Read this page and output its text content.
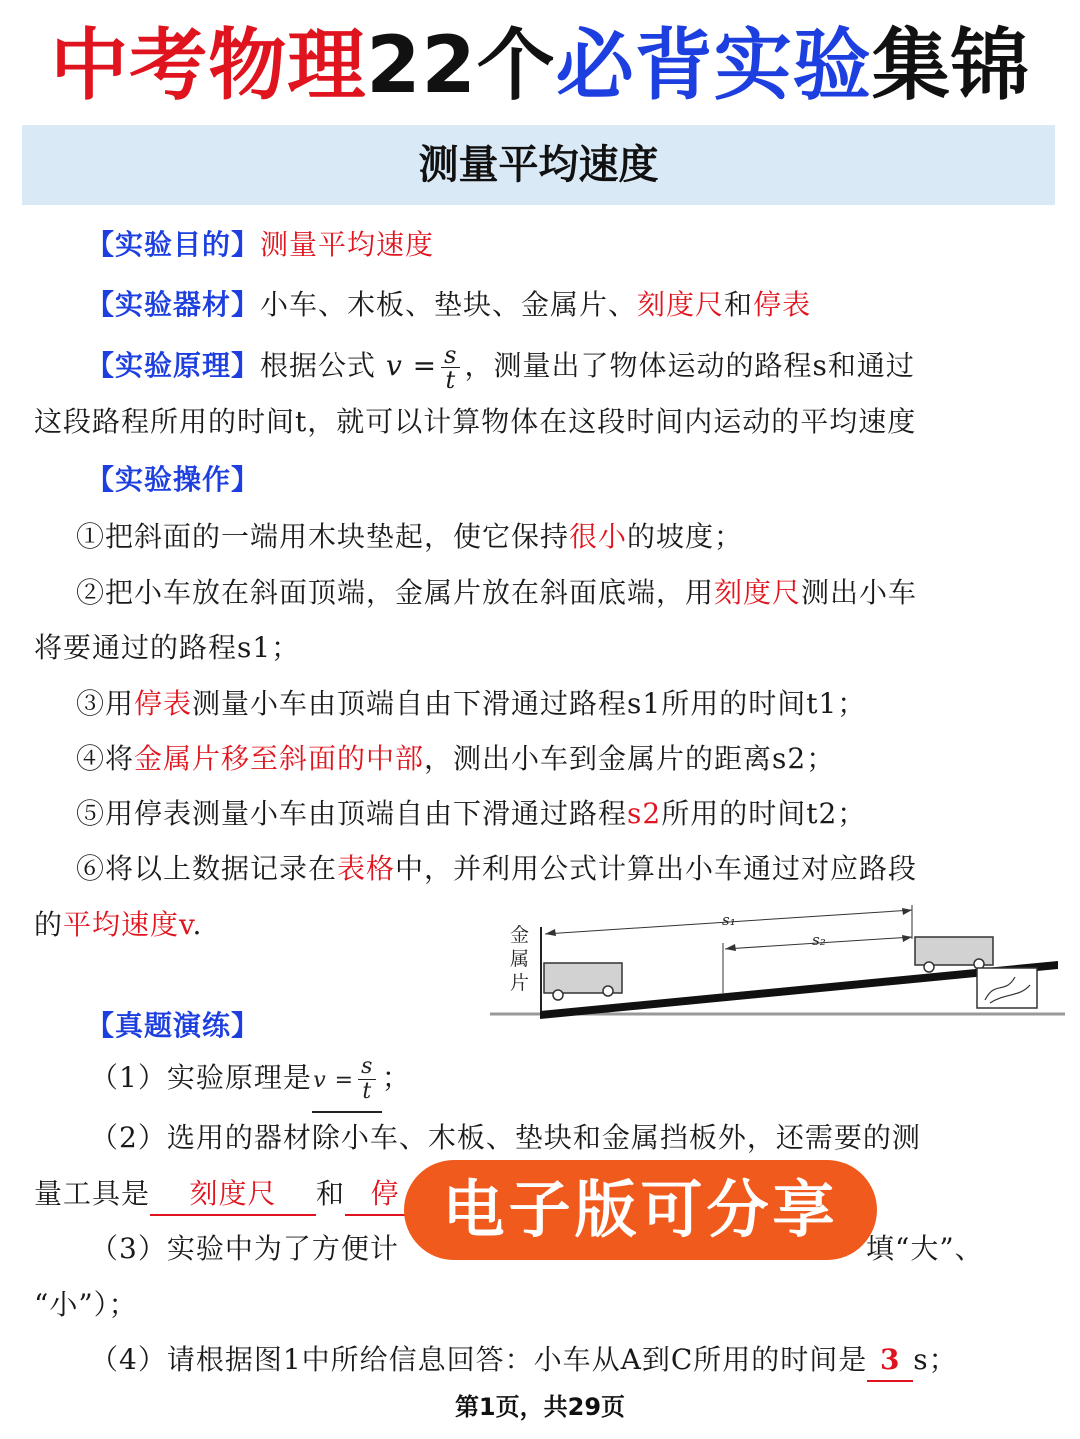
中考物理22个必背实验集锦
测量平均速度
【实验目的】测量平均速度
【实验器材】小车、木板、垫块、金属片、刻度尺和停表
【实验原理】根据公式 $v = \frac{s}{t}$ ，测量出了物体运动的路程s和通过
这段路程所用的时间t，就可以计算物体在这段时间内运动的平均速度
【实验操作】
①把斜面的一端用木块垫起，使它保持很小的坡度；
②把小车放在斜面顶端，金属片放在斜面底端，用刻度尺测出小车
将要通过的路程s1；
③用停表测量小车由顶端自由下滑通过路程s1所用的时间t1；
④将金属片移至斜面的中部，测出小车到金属片的距离s2；
⑤用停表测量小车由顶端自由下滑通过路程s2所用的时间t2；
⑥将以上数据记录在表格中，并利用公式计算出小车通过对应路段
的平均速度v.	金
属
片
s₁
s₂
【真题演练】
（1）实验原理是$v = \frac{s}{t}$ ；
（2）选用的器材除小车、木板、垫块和金属挡板外，还需要的测
量工具是 刻度尺 和 停
（3）实验中为了方便计	填“大”、
“小”）；
（4）请根据图1中所给信息回答：小车从A到C所用的时间是 3 s；
电子版可分享
第1页，共29页
